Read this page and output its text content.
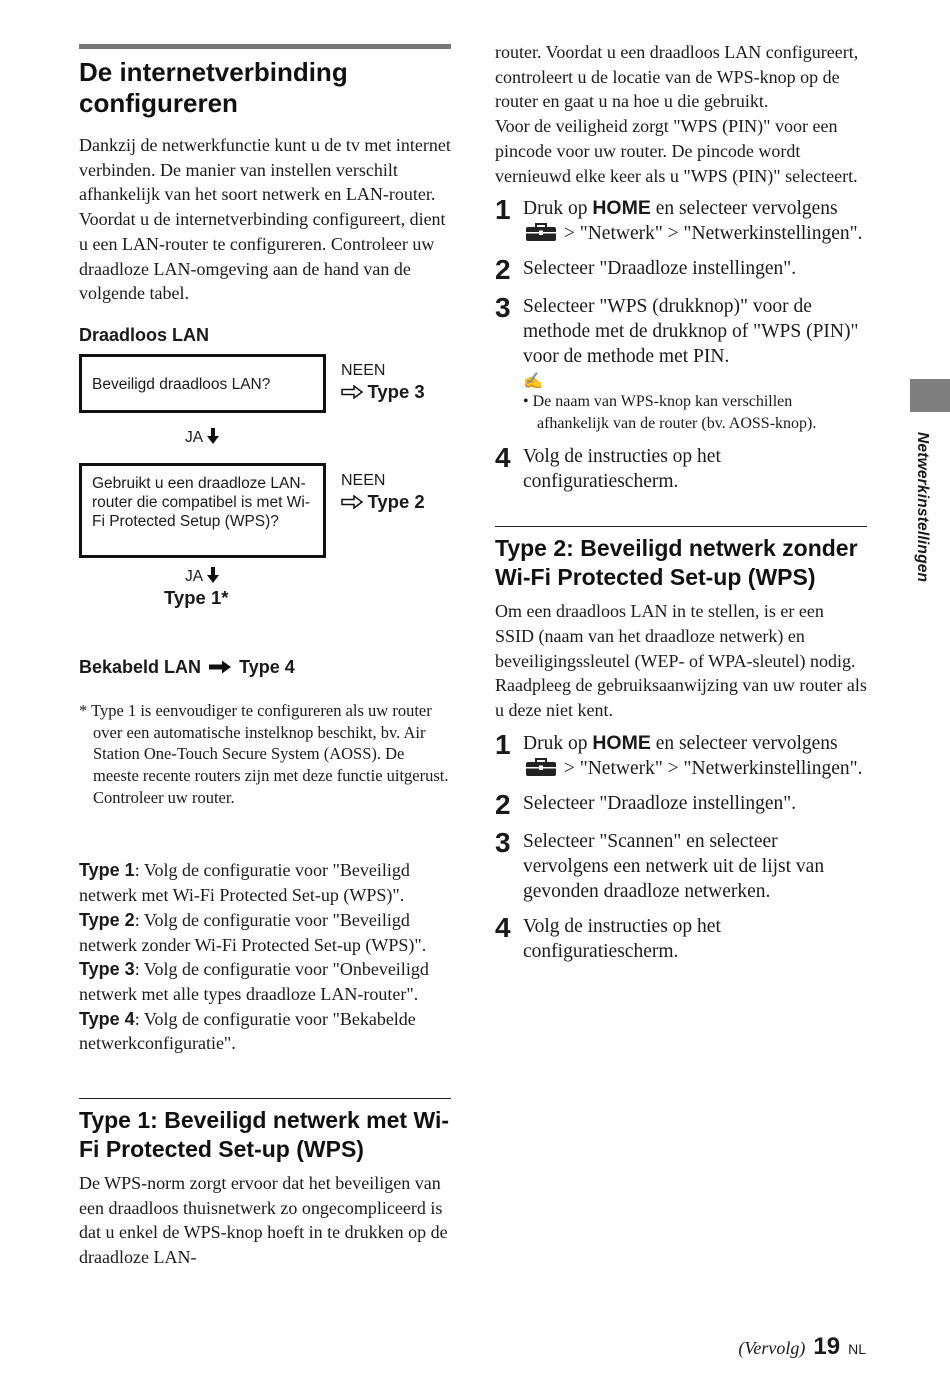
De internetverbinding configureren

Dankzij de netwerkfunctie kunt u de tv met internet verbinden. De manier van instellen verschilt afhankelijk van het soort netwerk en LAN-router. Voordat u de internetverbinding configureert, dient u een LAN-router te configureren. Controleer uw draadloze LAN-omgeving aan de hand van de volgende tabel.

Draadloos LAN
Beveiligd draadloos LAN?
NEEN
Type 3
JA
Gebruikt u een draadloze LAN-router die compatibel is met Wi-Fi Protected Setup (WPS)?
NEEN
Type 2
JA
Type 1*
Bekabeld LAN Type 4

* Type 1 is eenvoudiger te configureren als uw router over een automatische instelknop beschikt, bv. Air Station One-Touch Secure System (AOSS). De meeste recente routers zijn met deze functie uitgerust. Controleer uw router.

Type 1: Volg de configuratie voor "Beveiligd netwerk met Wi-Fi Protected Set-up (WPS)".

Type 2: Volg de configuratie voor "Beveiligd netwerk zonder Wi-Fi Protected Set-up (WPS)".

Type 3: Volg de configuratie voor "Onbeveiligd netwerk met alle types draadloze LAN-router".

Type 4: Volg de configuratie voor "Bekabelde netwerkconfiguratie".

Type 1: Beveiligd netwerk met Wi-Fi Protected Set-up (WPS)

De WPS-norm zorgt ervoor dat het beveiligen van een draadloos thuisnetwerk zo ongecompliceerd is dat u enkel de WPS-knop hoeft in te drukken op de draadloze LAN-

router. Voordat u een draadloos LAN configureert, controleert u de locatie van de WPS-knop op de router en gaat u na hoe u die gebruikt.

Voor de veiligheid zorgt "WPS (PIN)" voor een pincode voor uw router. De pincode wordt vernieuwd elke keer als u "WPS (PIN)" selecteert.

1 Druk op HOME en selecteer vervolgens  > "Netwerk" > "Netwerkinstellingen".
2 Selecteer "Draadloze instellingen".
3 Selecteer "WPS (drukknop)" voor de methode met de drukknop of "WPS (PIN)" voor de methode met PIN.
✍
• De naam van WPS-knop kan verschillen afhankelijk van de router (bv. AOSS-knop).
4 Volg de instructies op het configuratiescherm.
Type 2: Beveiligd netwerk zonder Wi-Fi Protected Set-up (WPS)

Om een draadloos LAN in te stellen, is er een SSID (naam van het draadloze netwerk) en beveiligingssleutel (WEP- of WPA-sleutel) nodig. Raadpleeg de gebruiksaanwijzing van uw router als u deze niet kent.

1 Druk op HOME en selecteer vervolgens  > "Netwerk" > "Netwerkinstellingen".
2 Selecteer "Draadloze instellingen".
3 Selecteer "Scannen" en selecteer vervolgens een netwerk uit de lijst van gevonden draadloze netwerken.
4 Volg de instructies op het configuratiescherm.
Netwerkinstellingen
(Vervolg) 19 NL
